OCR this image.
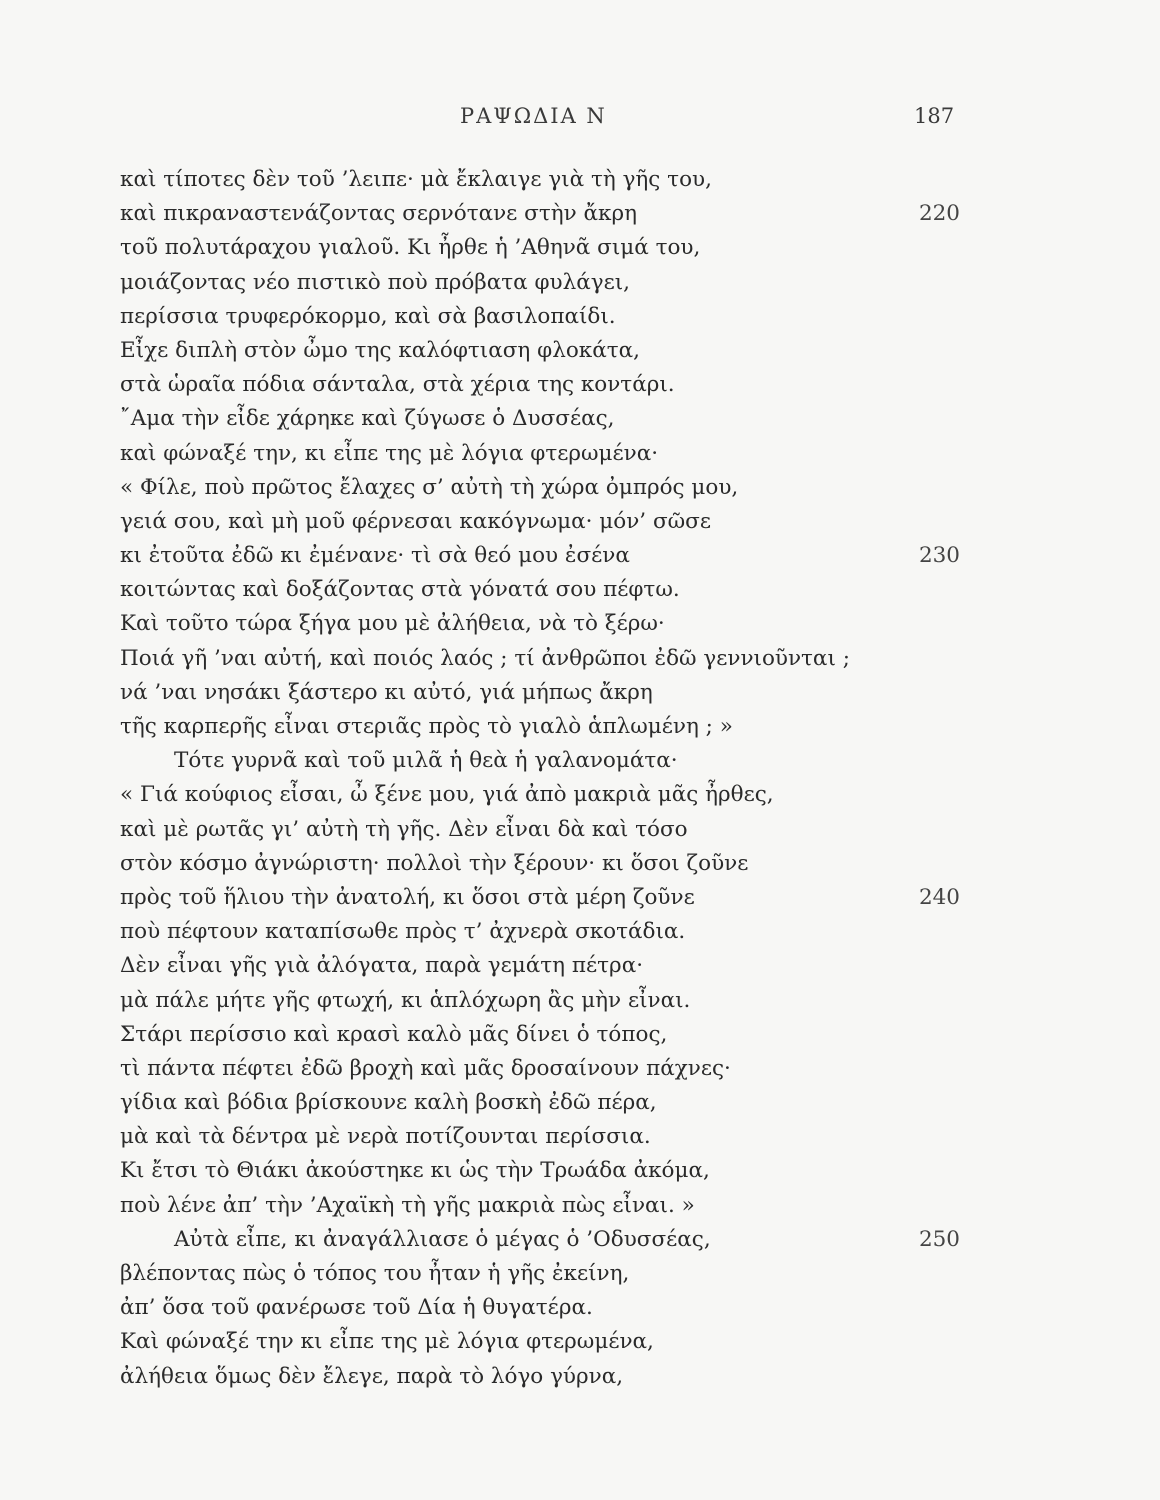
ΡΑΨΩΔΙΑ Ν	187
καὶ τίποτες δὲν τοῦ ’λειπε· μὰ ἔκλαιγε γιὰ τὴ γῆς του,
καὶ πικραναστενάζοντας σερνότανε στὴν ἄκρη	220
τοῦ πολυτάραχου γιαλοῦ. Κι ἦρθε ἡ ’Αθηνᾶ σιμά του,
μοιάζοντας νέο πιστικὸ ποὺ πρόβατα φυλάγει,
περίσσια τρυφερόκορμο, καὶ σὰ βασιλοπαίδι.
Εἶχε διπλὴ στὸν ὦμο της καλόφτιαση φλοκάτα,
στὰ ὡραῖα πόδια σάνταλα, στὰ χέρια της κοντάρι.
῎Αμα τὴν εἶδε χάρηκε καὶ ζύγωσε ὁ Δυσσέας,
καὶ φώναξέ την, κι εἶπε της μὲ λόγια φτερωμένα·
« Φίλε, ποὺ πρῶτος ἔλαχες σ’ αὐτὴ τὴ χώρα ὀμπρός μου,
γειά σου, καὶ μὴ μοῦ φέρνεσαι κακόγνωμα· μόν’ σῶσε
κι ἐτοῦτα ἐδῶ κι ἐμένανε· τὶ σὰ θεό μου ἐσένα	230
κοιτώντας καὶ δοξάζοντας στὰ γόνατά σου πέφτω.
Καὶ τοῦτο τώρα ξήγα μου μὲ ἀλήθεια, νὰ τὸ ξέρω·
Ποιά γῆ ’ναι αὐτή, καὶ ποιός λαός ; τί ἀνθρῶποι ἐδῶ γεννιοῦνται ;
νά ’ναι νησάκι ξάστερο κι αὐτό, γιά μήπως ἄκρη
τῆς καρπερῆς εἶναι στεριᾶς πρὸς τὸ γιαλὸ ἁπλωμένη ; »
Τότε γυρνᾶ καὶ τοῦ μιλᾶ ἡ θεὰ ἡ γαλανομάτα·
« Γιά κούφιος εἶσαι, ὦ ξένε μου, γιά ἀπὸ μακριὰ μᾶς ἦρθες,
καὶ μὲ ρωτᾶς γι’ αὐτὴ τὴ γῆς. Δὲν εἶναι δὰ καὶ τόσο
στὸν κόσμο ἀγνώριστη· πολλοὶ τὴν ξέρουν· κι ὅσοι ζοῦνε
πρὸς τοῦ ἥλιου τὴν ἀνατολή, κι ὅσοι στὰ μέρη ζοῦνε	240
ποὺ πέφτουν καταπίσωθε πρὸς τ’ ἀχνερὰ σκοτάδια.
Δὲν εἶναι γῆς γιὰ ἀλόγατα, παρὰ γεμάτη πέτρα·
μὰ πάλε μήτε γῆς φτωχή, κι ἁπλόχωρη ἂς μὴν εἶναι.
Στάρι περίσσιο καὶ κρασὶ καλὸ μᾶς δίνει ὁ τόπος,
τὶ πάντα πέφτει ἐδῶ βροχὴ καὶ μᾶς δροσαίνουν πάχνες·
γίδια καὶ βόδια βρίσκουνε καλὴ βοσκὴ ἐδῶ πέρα,
μὰ καὶ τὰ δέντρα μὲ νερὰ ποτίζουνται περίσσια.
Κι ἔτσι τὸ Θιάκι ἀκούστηκε κι ὡς τὴν Τρωάδα ἀκόμα,
ποὺ λένε ἀπ’ τὴν ’Αχαϊκὴ τὴ γῆς μακριὰ πὼς εἶναι. »
Αὐτὰ εἶπε, κι ἀναγάλλιασε ὁ μέγας ὁ ’Οδυσσέας,	250
βλέποντας πὼς ὁ τόπος του ἦταν ἡ γῆς ἐκείνη,
ἀπ’ ὅσα τοῦ φανέρωσε τοῦ Δία ἡ θυγατέρα.
Καὶ φώναξέ την κι εἶπε της μὲ λόγια φτερωμένα,
ἀλήθεια ὅμως δὲν ἔλεγε, παρὰ τὸ λόγο γύρνα,
